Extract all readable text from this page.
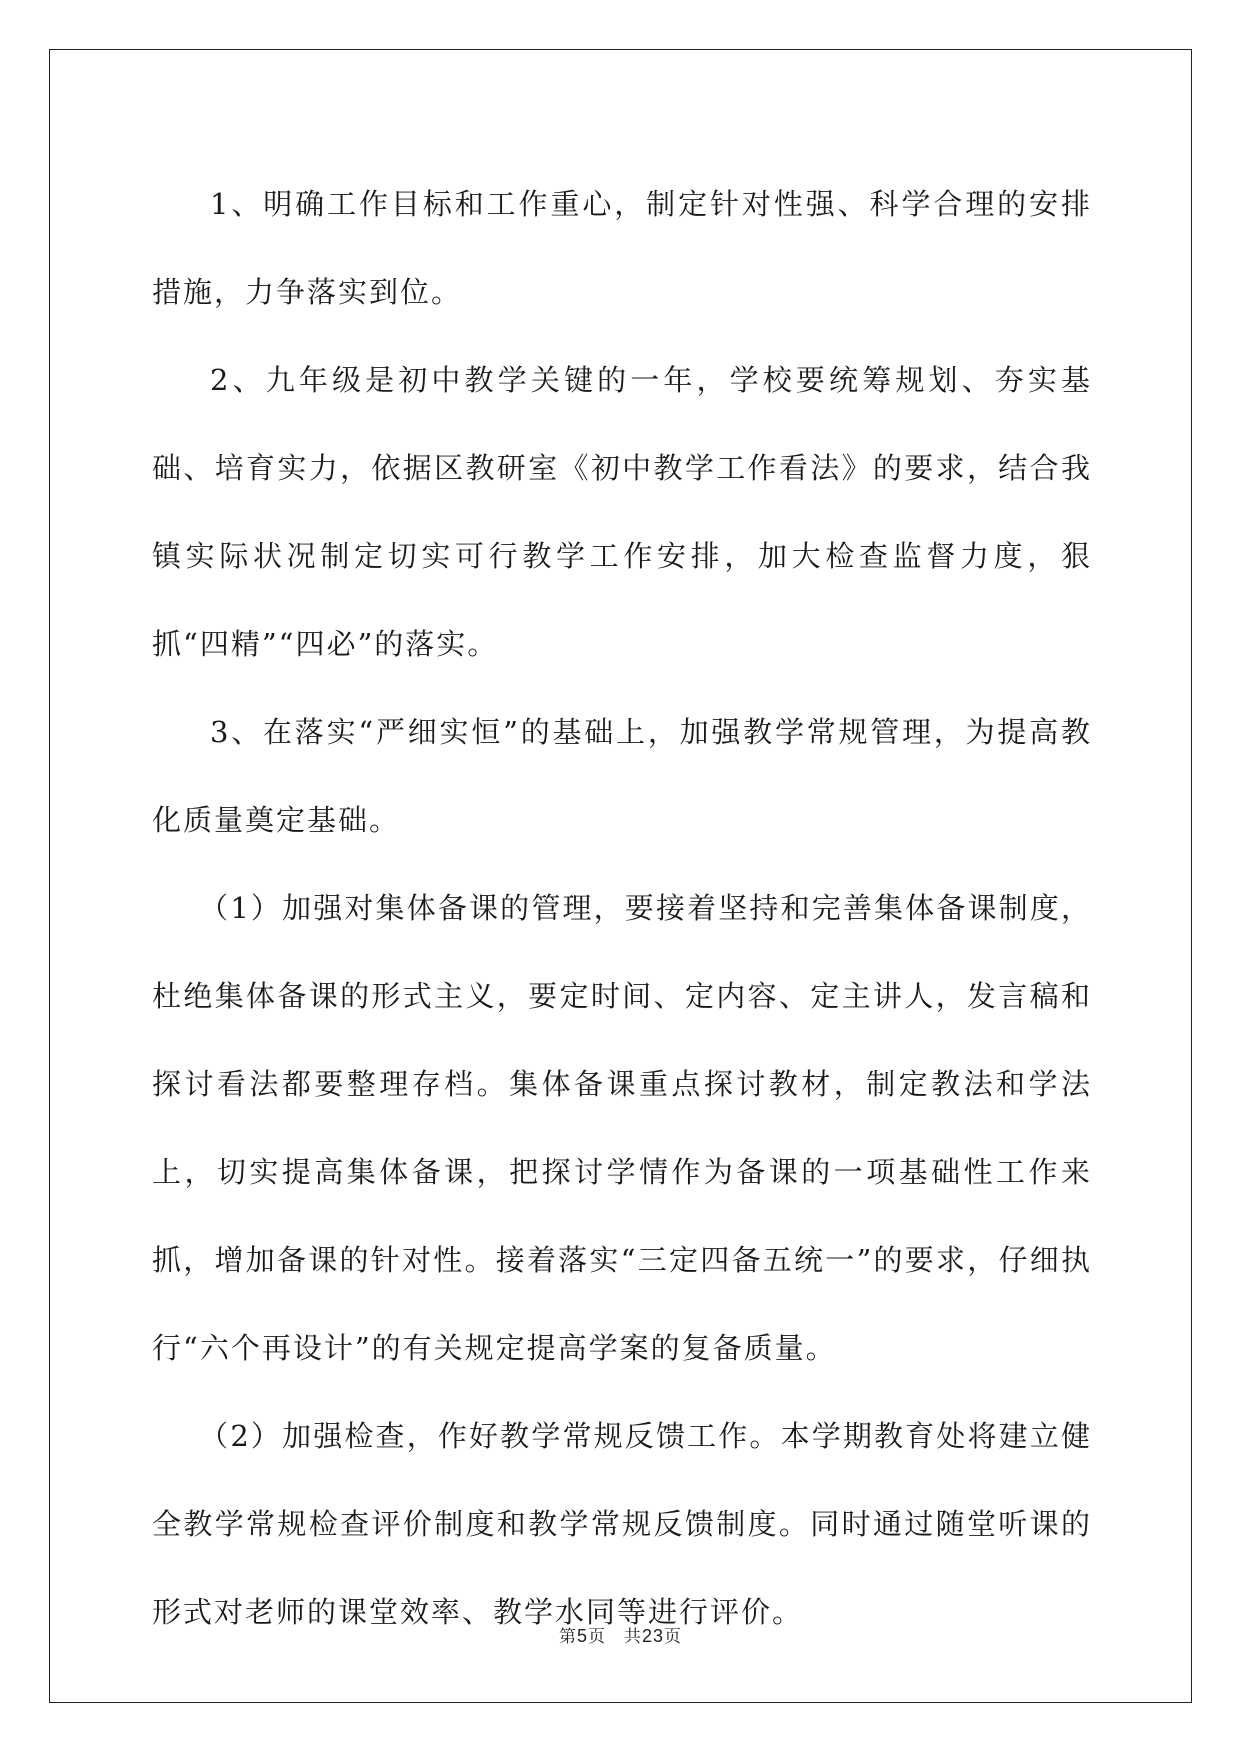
1、明确工作目标和工作重心，制定针对性强、科学合理的安排措施，力争落实到位。

2、九年级是初中教学关键的一年，学校要统筹规划、夯实基础、培育实力，依据区教研室《初中教学工作看法》的要求，结合我镇实际状况制定切实可行教学工作安排，加大检查监督力度，狠抓“四精”“四必”的落实。

3、在落实“严细实恒”的基础上，加强教学常规管理，为提高教化质量奠定基础。

（1）加强对集体备课的管理，要接着坚持和完善集体备课制度，杜绝集体备课的形式主义，要定时间、定内容、定主讲人，发言稿和探讨看法都要整理存档。集体备课重点探讨教材，制定教法和学法上，切实提高集体备课，把探讨学情作为备课的一项基础性工作来抓，增加备课的针对性。接着落实“三定四备五统一”的要求，仔细执行“六个再设计”的有关规定提高学案的复备质量。

（2）加强检查，作好教学常规反馈工作。本学期教育处将建立健全教学常规检查评价制度和教学常规反馈制度。同时通过随堂听课的形式对老师的课堂效率、教学水同等进行评价。

第5页　 共23页
